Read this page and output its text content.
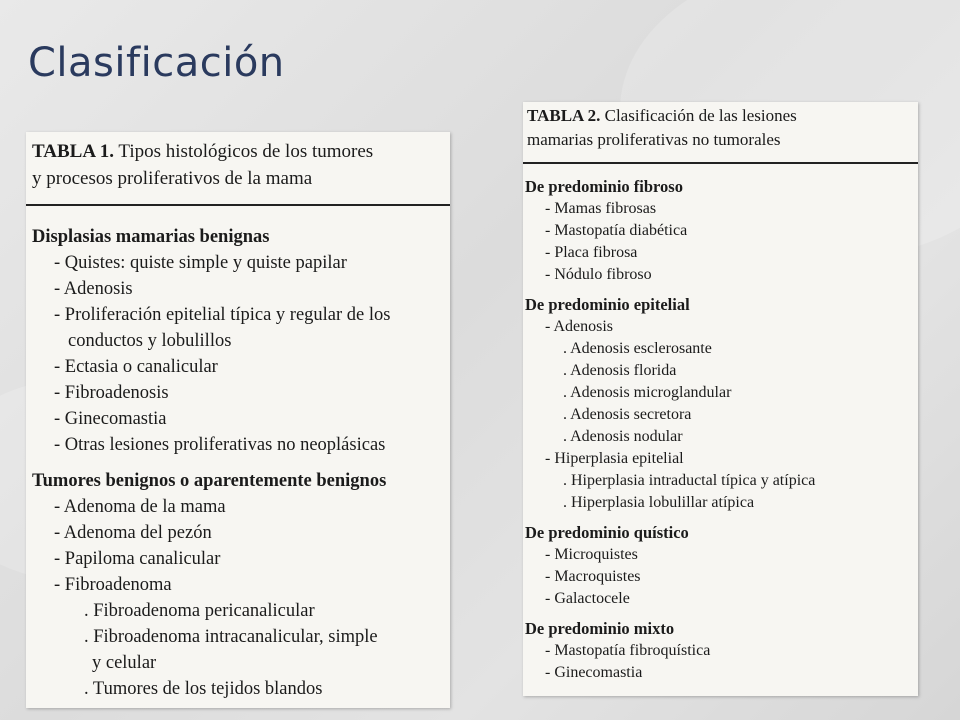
Clasificación
TABLA 1. Tipos histológicos de los tumores
y procesos proliferativos de la mama

Displasias mamarias benignas

- Quistes: quiste simple y quiste papilar

- Adenosis

- Proliferación epitelial típica y regular de los

conductos y lobulillos

- Ectasia o canalicular

- Fibroadenosis

- Ginecomastia

- Otras lesiones proliferativas no neoplásicas

Tumores benignos o aparentemente benignos

- Adenoma de la mama

- Adenoma del pezón

- Papiloma canalicular

- Fibroadenoma

. Fibroadenoma pericanalicular

. Fibroadenoma intracanalicular, simple

y celular

. Tumores de los tejidos blandos

TABLA 2. Clasificación de las lesiones
mamarias proliferativas no tumorales

De predominio fibroso

- Mamas fibrosas

- Mastopatía diabética

- Placa fibrosa

- Nódulo fibroso

De predominio epitelial

- Adenosis

. Adenosis esclerosante

. Adenosis florida

. Adenosis microglandular

. Adenosis secretora

. Adenosis nodular

- Hiperplasia epitelial

. Hiperplasia intraductal típica y atípica

. Hiperplasia lobulillar atípica

De predominio quístico

- Microquistes

- Macroquistes

- Galactocele

De predominio mixto

- Mastopatía fibroquística

- Ginecomastia
